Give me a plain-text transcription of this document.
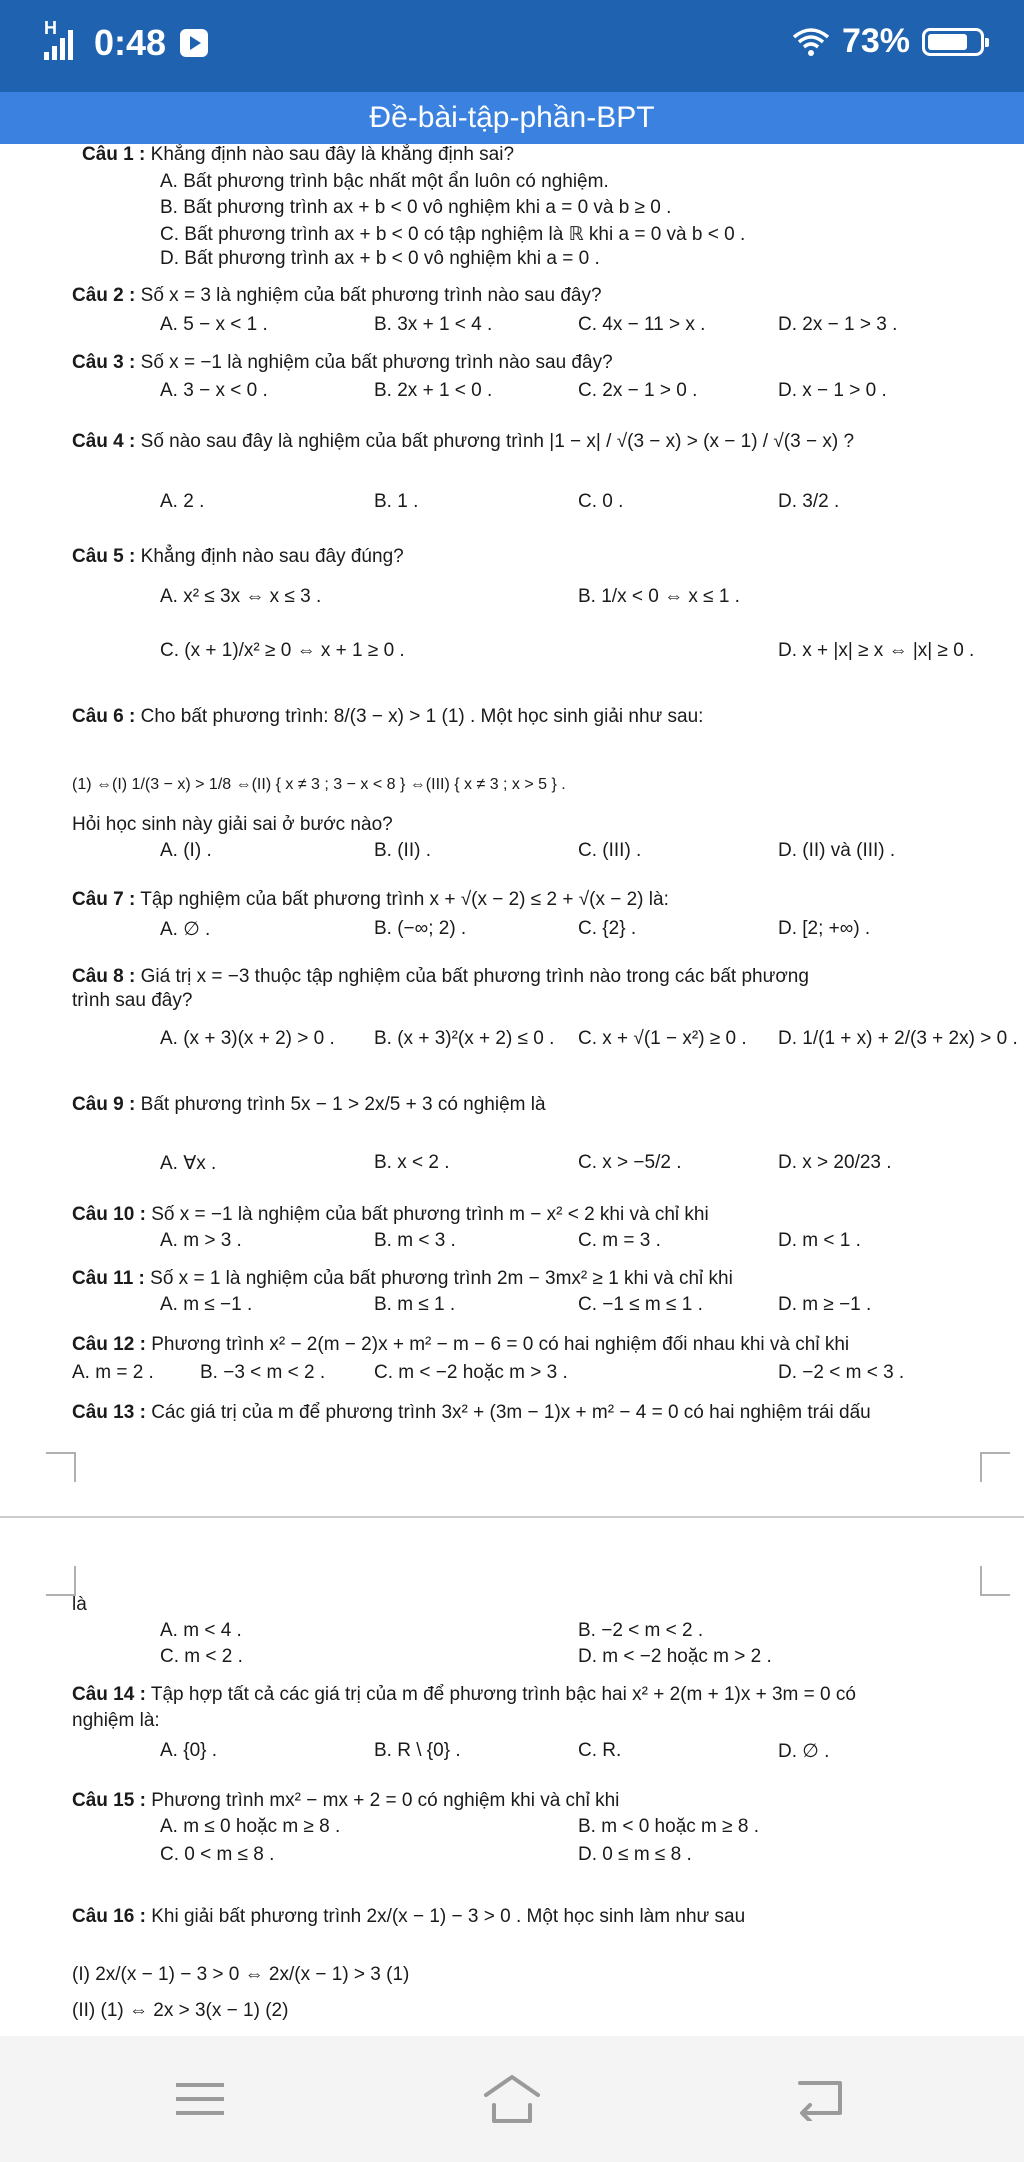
H 0:48	73%
Đề-bài-tập-phần-BPT
Câu 1 : Khẳng định nào sau đây là khẳng định sai?
A. Bất phương trình bậc nhất một ẩn luôn có nghiệm.
B. Bất phương trình ax + b < 0 vô nghiệm khi a = 0 và b ≥ 0 .
C. Bất phương trình ax + b < 0 có tập nghiệm là ℝ khi a = 0 và b < 0 .
D. Bất phương trình ax + b < 0 vô nghiệm khi a = 0 .
Câu 2 : Số x = 3 là nghiệm của bất phương trình nào sau đây?
A. 5 − x < 1 .	B. 3x + 1 < 4 .	C. 4x − 11 > x .	D. 2x − 1 > 3 .
Câu 3 : Số x = −1 là nghiệm của bất phương trình nào sau đây?
A. 3 − x < 0 .	B. 2x + 1 < 0 .	C. 2x − 1 > 0 .	D. x − 1 > 0 .
Câu 4 : Số nào sau đây là nghiệm của bất phương trình |1 − x| / √(3 − x) > (x − 1) / √(3 − x) ?
A. 2 .	B. 1 .	C. 0 .	D. 3/2 .
Câu 5 : Khẳng định nào sau đây đúng?
A. x² ≤ 3x ⇔ x ≤ 3 .	B. 1/x < 0 ⇔ x ≤ 1 .
C. (x + 1)/x² ≥ 0 ⇔ x + 1 ≥ 0 .	D. x + |x| ≥ x ⇔ |x| ≥ 0 .
Câu 6 : Cho bất phương trình: 8/(3 − x) > 1 (1) . Một học sinh giải như sau:
(1) ⇔(I) 1/(3 − x) > 1/8 ⇔(II) { x ≠ 3 ; 3 − x < 8 } ⇔(III) { x ≠ 3 ; x > 5 } .
Hỏi học sinh này giải sai ở bước nào?
A. (I) .	B. (II) .	C. (III) .	D. (II) và (III) .
Câu 7 : Tập nghiệm của bất phương trình x + √(x − 2) ≤ 2 + √(x − 2) là:
A. ∅ .	B. (−∞; 2) .	C. {2} .	D. [2; +∞) .
Câu 8 : Giá trị x = −3 thuộc tập nghiệm của bất phương trình nào trong các bất phương
trình sau đây?
A. (x + 3)(x + 2) > 0 . B. (x + 3)²(x + 2) ≤ 0 . C. x + √(1 − x²) ≥ 0 . D. 1/(1 + x) + 2/(3 + 2x) > 0 .
Câu 9 : Bất phương trình 5x − 1 > 2x/5 + 3 có nghiệm là
A. ∀x .	B. x < 2 .	C. x > −5/2 .	D. x > 20/23 .
Câu 10 : Số x = −1 là nghiệm của bất phương trình m − x² < 2 khi và chỉ khi
A. m > 3 .	B. m < 3 .	C. m = 3 .	D. m < 1 .
Câu 11 : Số x = 1 là nghiệm của bất phương trình 2m − 3mx² ≥ 1 khi và chỉ khi
A. m ≤ −1 .	B. m ≤ 1 .	C. −1 ≤ m ≤ 1 .	D. m ≥ −1 .
Câu 12 : Phương trình x² − 2(m − 2)x + m² − m − 6 = 0 có hai nghiệm đối nhau khi và chỉ khi
A. m = 2 . B. −3 < m < 2 .	C. m < −2 hoặc m > 3 .	D. −2 < m < 3 .
Câu 13 : Các giá trị của m để phương trình 3x² + (3m − 1)x + m² − 4 = 0 có hai nghiệm trái dấu
là
A. m < 4 .	B. −2 < m < 2 .
C. m < 2 .	D. m < −2 hoặc m > 2 .
Câu 14 : Tập hợp tất cả các giá trị của m để phương trình bậc hai x² + 2(m + 1)x + 3m = 0 có
nghiệm là:
A. {0} .	B. R \ {0} .	C. R.	D. ∅ .
Câu 15 : Phương trình mx² − mx + 2 = 0 có nghiệm khi và chỉ khi
A. m ≤ 0 hoặc m ≥ 8 .	B. m < 0 hoặc m ≥ 8 .
C. 0 < m ≤ 8 .	D. 0 ≤ m ≤ 8 .
Câu 16 : Khi giải bất phương trình 2x/(x − 1) − 3 > 0 . Một học sinh làm như sau
(I) 2x/(x − 1) − 3 > 0 ⇔ 2x/(x − 1) > 3 (1)
(II) (1) ⇔ 2x > 3(x − 1) (2)
